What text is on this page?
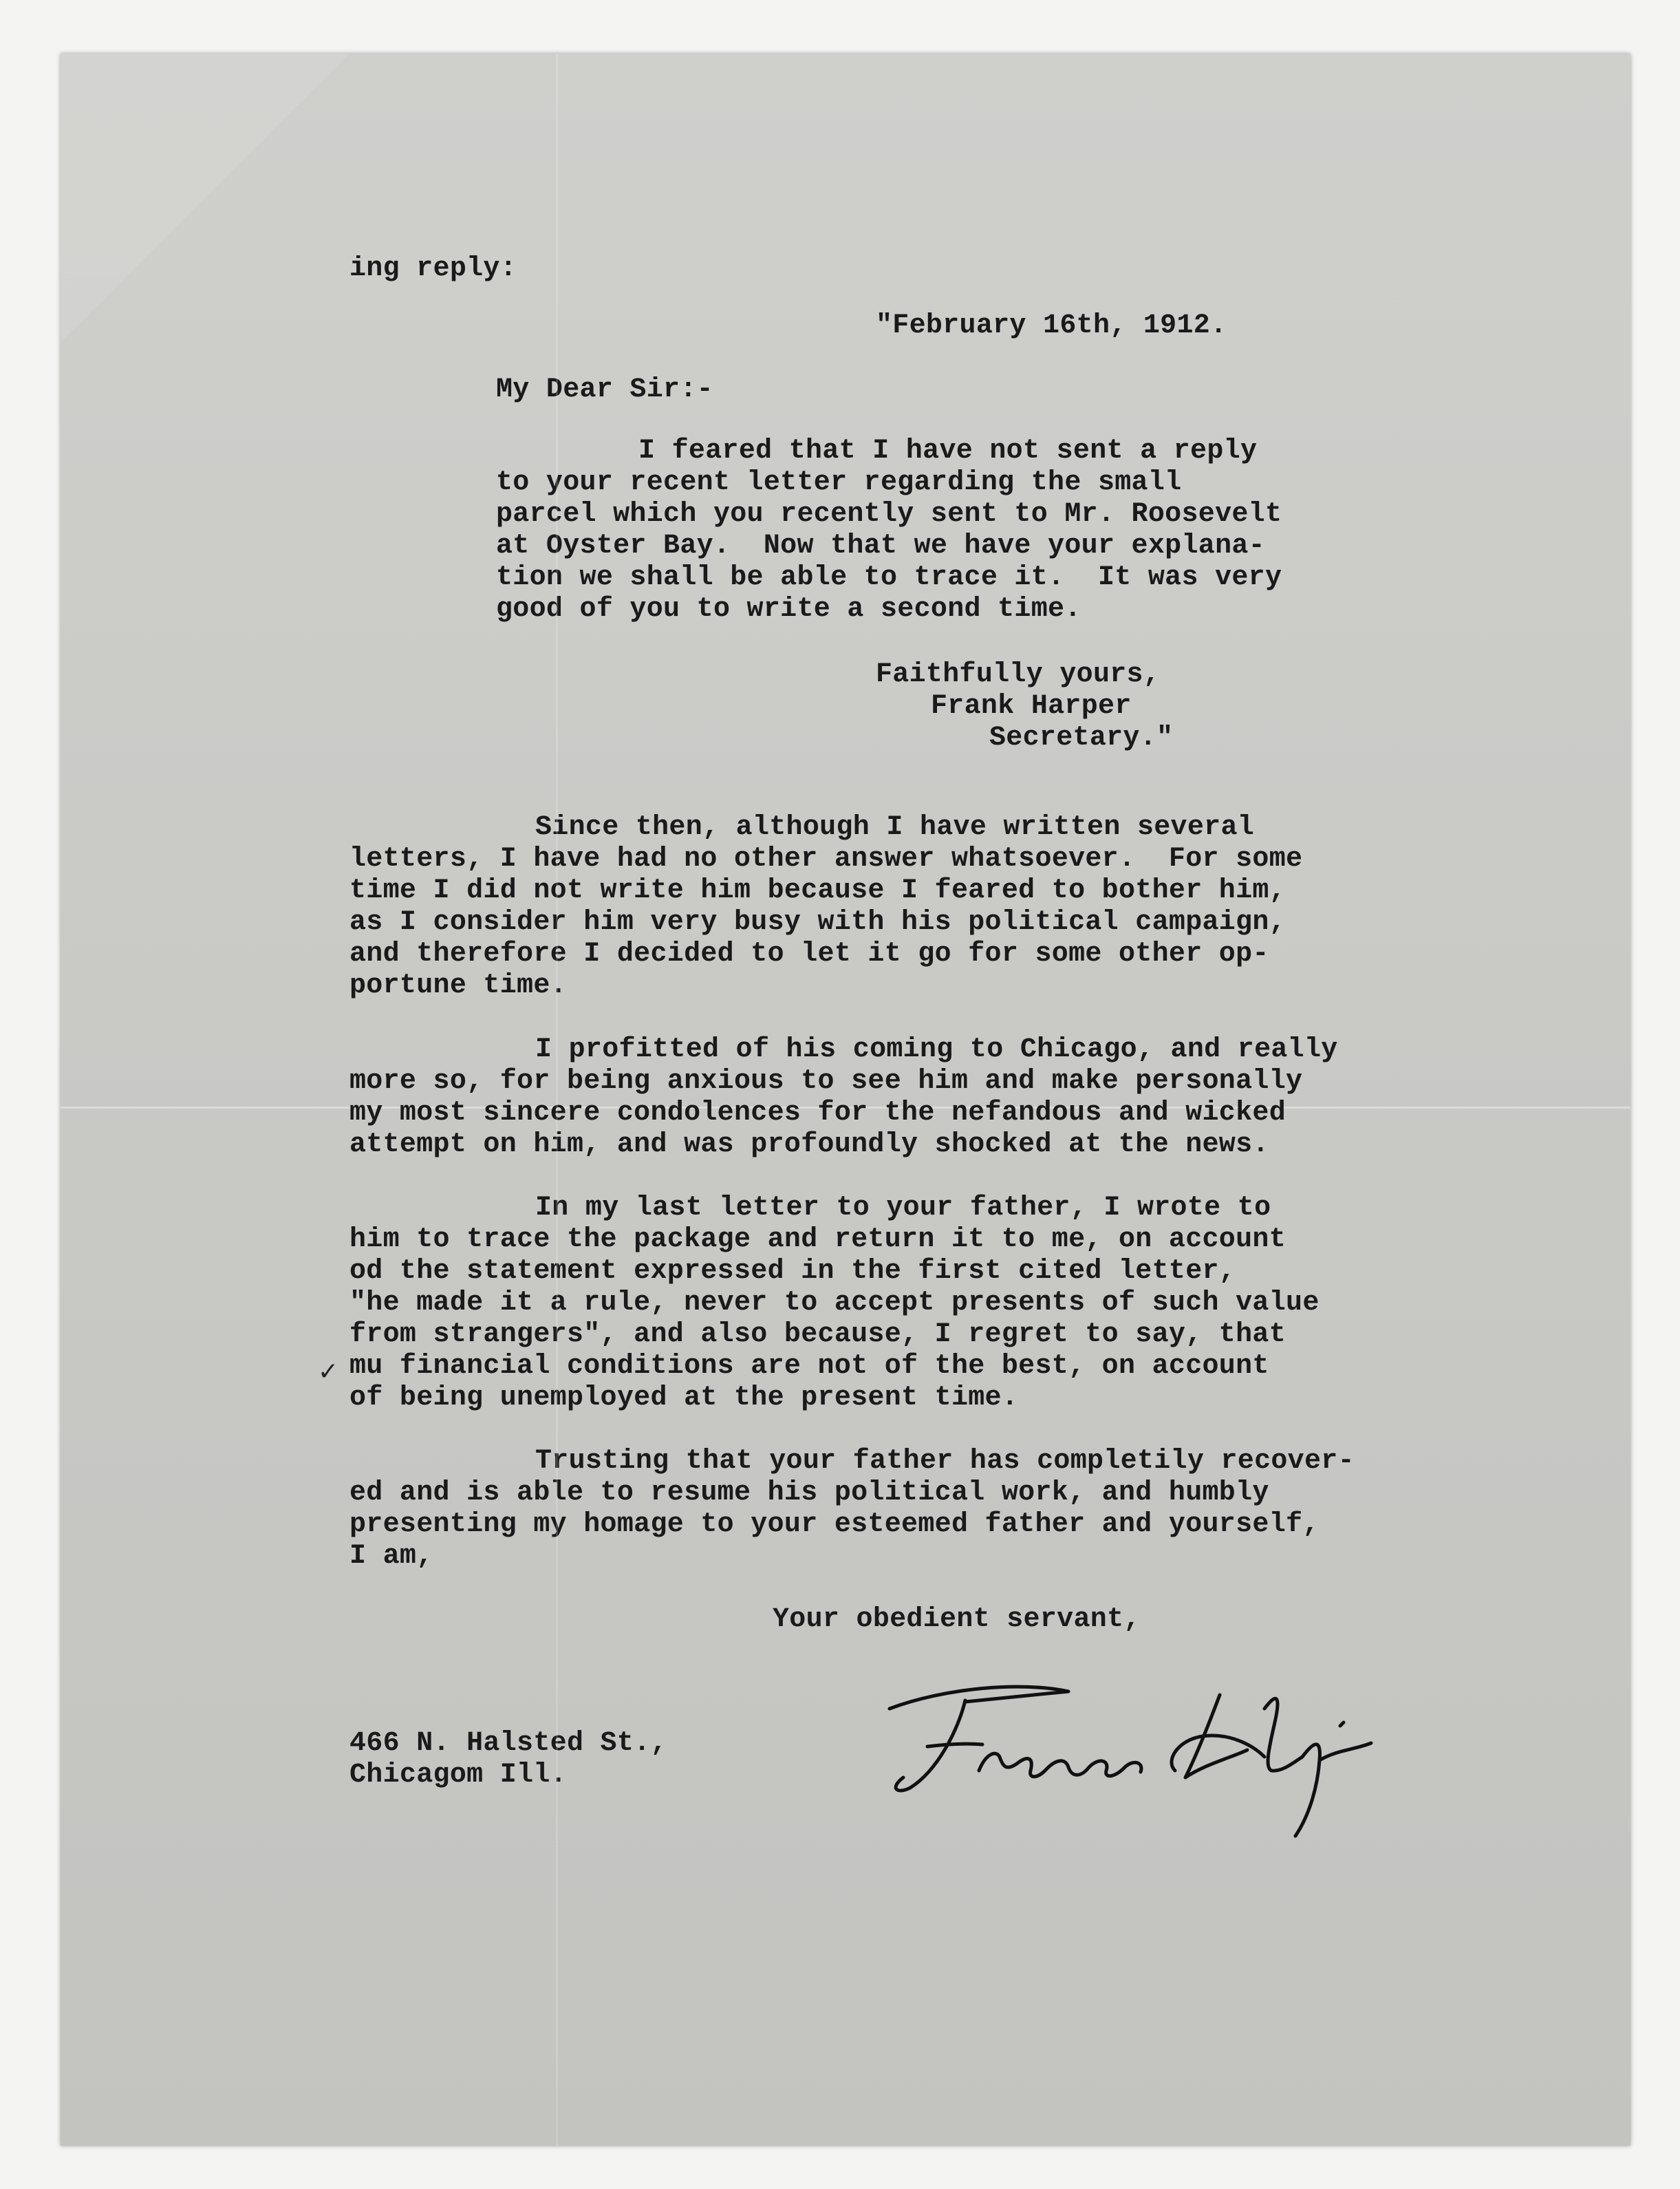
ing reply:

"February 16th, 1912.

My Dear Sir:-

I feared that I have not sent a reply

to your recent letter regarding the small

parcel which you recently sent to Mr. Roosevelt

at Oyster Bay.  Now that we have your explana-

tion we shall be able to trace it.  It was very

good of you to write a second time.

Faithfully yours,

Frank Harper

Secretary."

Since then, although I have written several

letters, I have had no other answer whatsoever.  For some

time I did not write him because I feared to bother him,

as I consider him very busy with his political campaign,

and therefore I decided to let it go for some other op-

portune time.

I profitted of his coming to Chicago, and really

more so, for being anxious to see him and make personally

my most sincere condolences for the nefandous and wicked

attempt on him, and was profoundly shocked at the news.

In my last letter to your father, I wrote to

him to trace the package and return it to me, on account

od the statement expressed in the first cited letter,

"he made it a rule, never to accept presents of such value

from strangers", and also because, I regret to say, that

mu financial conditions are not of the best, on account

of being unemployed at the present time.

✓

Trusting that your father has completily recover-

ed and is able to resume his political work, and humbly

presenting my homage to your esteemed father and yourself,

I am,

Your obedient servant,

466 N. Halsted St.,

Chicagom Ill.
